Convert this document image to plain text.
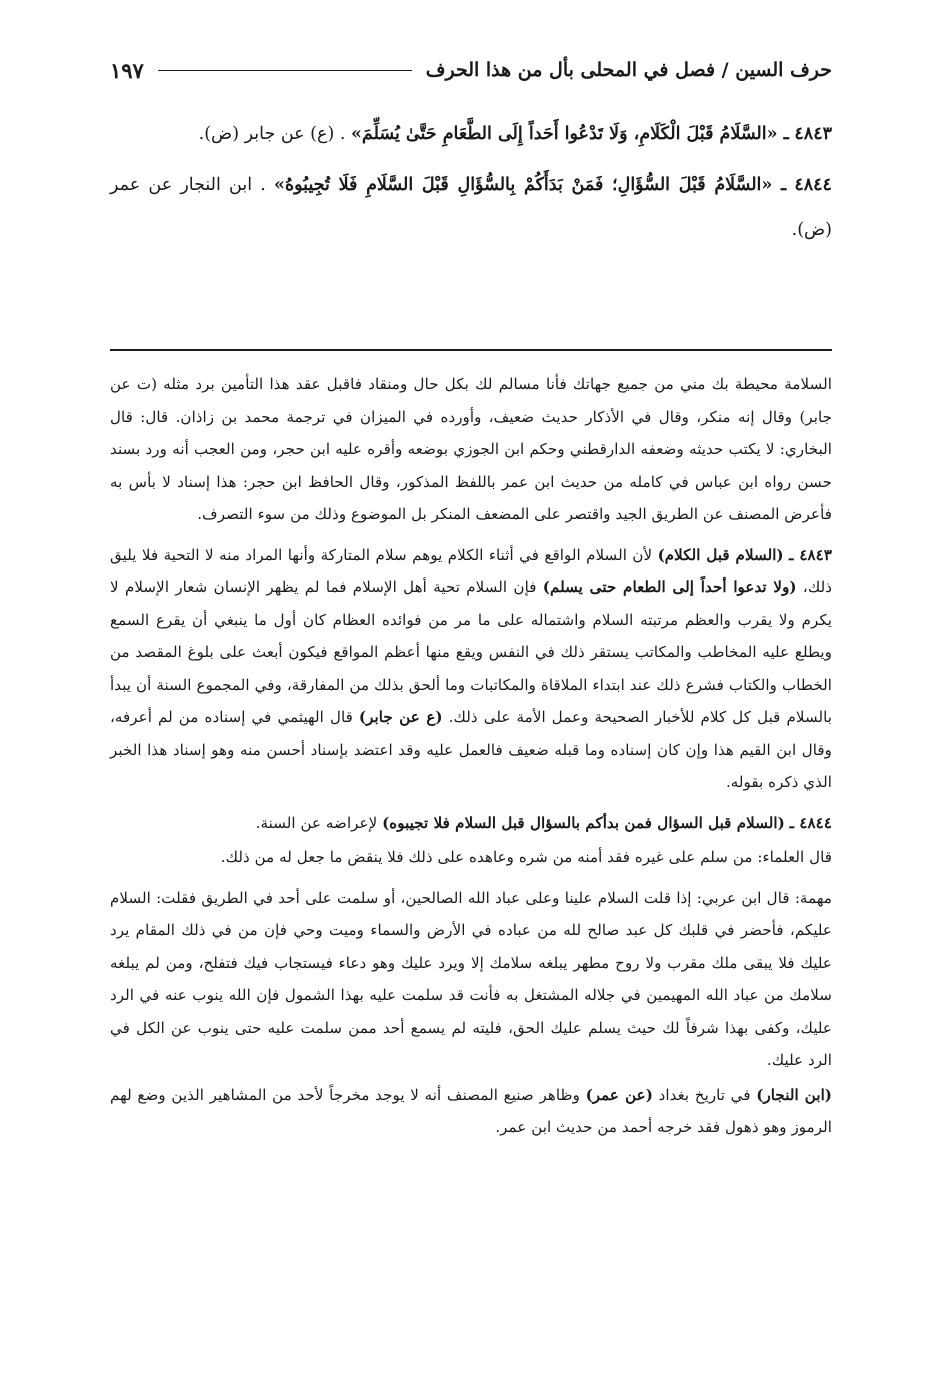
حرف السين / فصل في المحلى بأل من هذا الحرف
١٩٧

٤٨٤٣ ـ «السَّلَامُ قَبْلَ الْكَلَامِ، وَلَا تَدْعُوا أَحَداً إِلَى الطَّعَامِ حَتَّىٰ يُسَلِّمَ» . (ع) عن جابر (ض).

٤٨٤٤ ـ «السَّلَامُ قَبْلَ السُّؤَالِ؛ فَمَنْ بَدَأَكُمْ بِالسُّؤَالِ قَبْلَ السَّلَامِ فَلَا تُجِيبُوهُ» . ابن النجار عن عمر (ض).

السلامة محيطة بك مني من جميع جهاتك فأنا مسالم لك بكل حال ومنقاد فاقبل عقد هذا التأمين برد مثله (ت عن جابر) وقال إنه منكر، وقال في الأذكار حديث ضعيف، وأورده في الميزان في ترجمة محمد بن زاذان. قال: قال البخاري: لا يكتب حديثه وضعفه الدارقطني وحكم ابن الجوزي بوضعه وأقره عليه ابن حجر، ومن العجب أنه ورد بسند حسن رواه ابن عباس في كامله من حديث ابن عمر باللفظ المذكور، وقال الحافظ ابن حجر: هذا إسناد لا بأس به فأعرض المصنف عن الطريق الجيد واقتصر على المضعف المنكر بل الموضوع وذلك من سوء التصرف.

٤٨٤٣ ـ (السلام قبل الكلام) لأن السلام الواقع في أثناء الكلام يوهم سلام المتاركة وأنها المراد منه لا التحية فلا يليق ذلك، (ولا تدعوا أحداً إلى الطعام حتى يسلم) فإن السلام تحية أهل الإسلام فما لم يظهر الإنسان شعار الإسلام لا يكرم ولا يقرب والعظم مرتبته السلام واشتماله على ما مر من فوائده العظام كان أول ما ينبغي أن يقرع السمع ويطلع عليه المخاطب والمكاتب يستقر ذلك في النفس ويقع منها أعظم المواقع فيكون أبعث على بلوغ المقصد من الخطاب والكتاب فشرع ذلك عند ابتداء الملاقاة والمكاتبات وما ألحق بذلك من المفارقة، وفي المجموع السنة أن يبدأ بالسلام قبل كل كلام للأخبار الصحيحة وعمل الأمة على ذلك. (ع عن جابر) قال الهيثمي في إسناده من لم أعرفه، وقال ابن القيم هذا وإن كان إسناده وما قبله ضعيف فالعمل عليه وقد اعتضد بإسناد أحسن منه وهو إسناد هذا الخبر الذي ذكره بقوله.

٤٨٤٤ ـ (السلام قبل السؤال فمن بدأكم بالسؤال قبل السلام فلا تجيبوه) لإعراضه عن السنة.

قال العلماء: من سلم على غيره فقد أمنه من شره وعاهده على ذلك فلا ينقض ما جعل له من ذلك.

مهمة: قال ابن عربي: إذا قلت السلام علينا وعلى عباد الله الصالحين، أو سلمت على أحد في الطريق فقلت: السلام عليكم، فأحضر في قلبك كل عبد صالح لله من عباده في الأرض والسماء وميت وحي فإن من في ذلك المقام يرد عليك فلا يبقى ملك مقرب ولا روح مطهر يبلغه سلامك إلا ويرد عليك وهو دعاء فيستجاب فيك فتفلح، ومن لم يبلغه سلامك من عباد الله المهيمين في جلاله المشتغل به فأنت قد سلمت عليه بهذا الشمول فإن الله ينوب عنه في الرد عليك، وكفى بهذا شرفاً لك حيث يسلم عليك الحق، فليته لم يسمع أحد ممن سلمت عليه حتى ينوب عن الكل في الرد عليك.

(ابن النجار) في تاريخ بغداد (عن عمر) وظاهر صنيع المصنف أنه لا يوجد مخرجاً لأحد من المشاهير الذين وضع لهم الرموز وهو ذهول فقد خرجه أحمد من حديث ابن عمر.
